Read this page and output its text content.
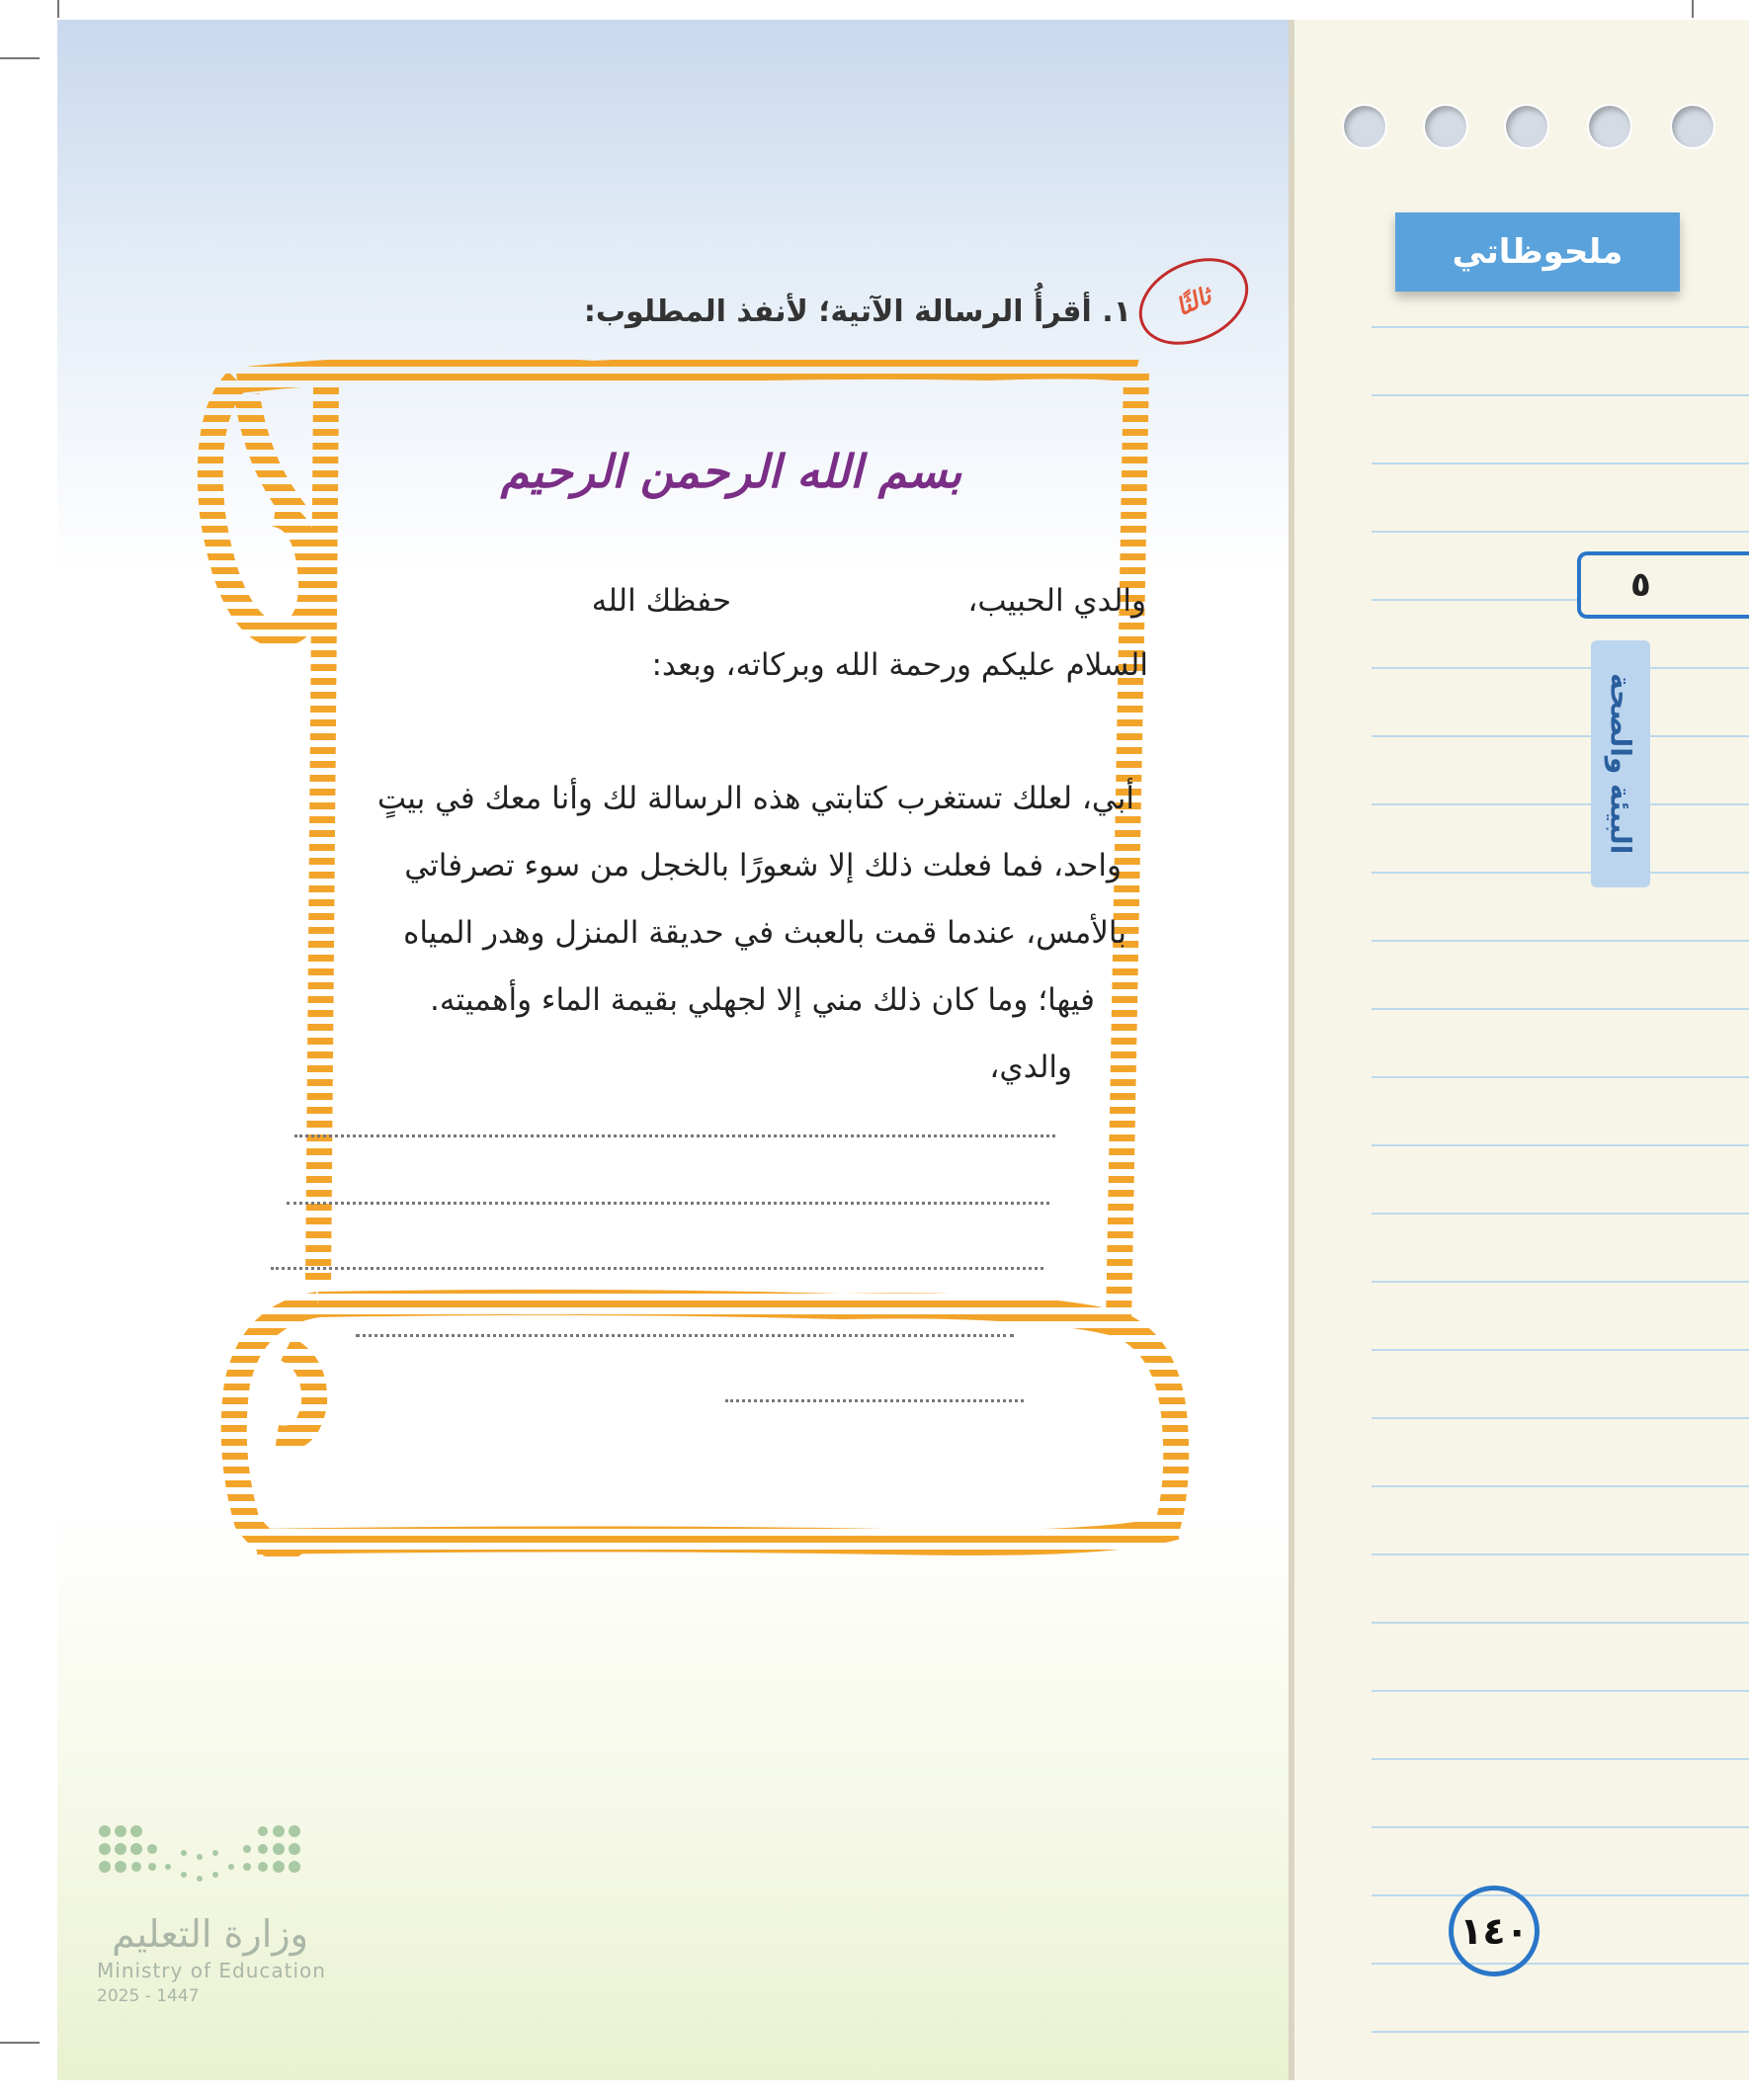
ملحوظاتي
٥
البيئة والصحة
١٤٠
ثالثًا
١. أقرأُ الرسالة الآتية؛ لأنفذ المطلوب:
بسم الله الرحمن الرحيم
والدي الحبيب،
حفظك الله
السلام عليكم ورحمة الله وبركاته، وبعد:
أبي، لعلك تستغرب كتابتي هذه الرسالة لك وأنا معك في بيتٍ
واحد، فما فعلت ذلك إلا شعورًا بالخجل من سوء تصرفاتي
بالأمس، عندما قمت بالعبث في حديقة المنزل وهدر المياه
فيها؛ وما كان ذلك مني إلا لجهلي بقيمة الماء وأهميته.
والدي،
وزارة التعليم
Ministry of Education
2025 - 1447
